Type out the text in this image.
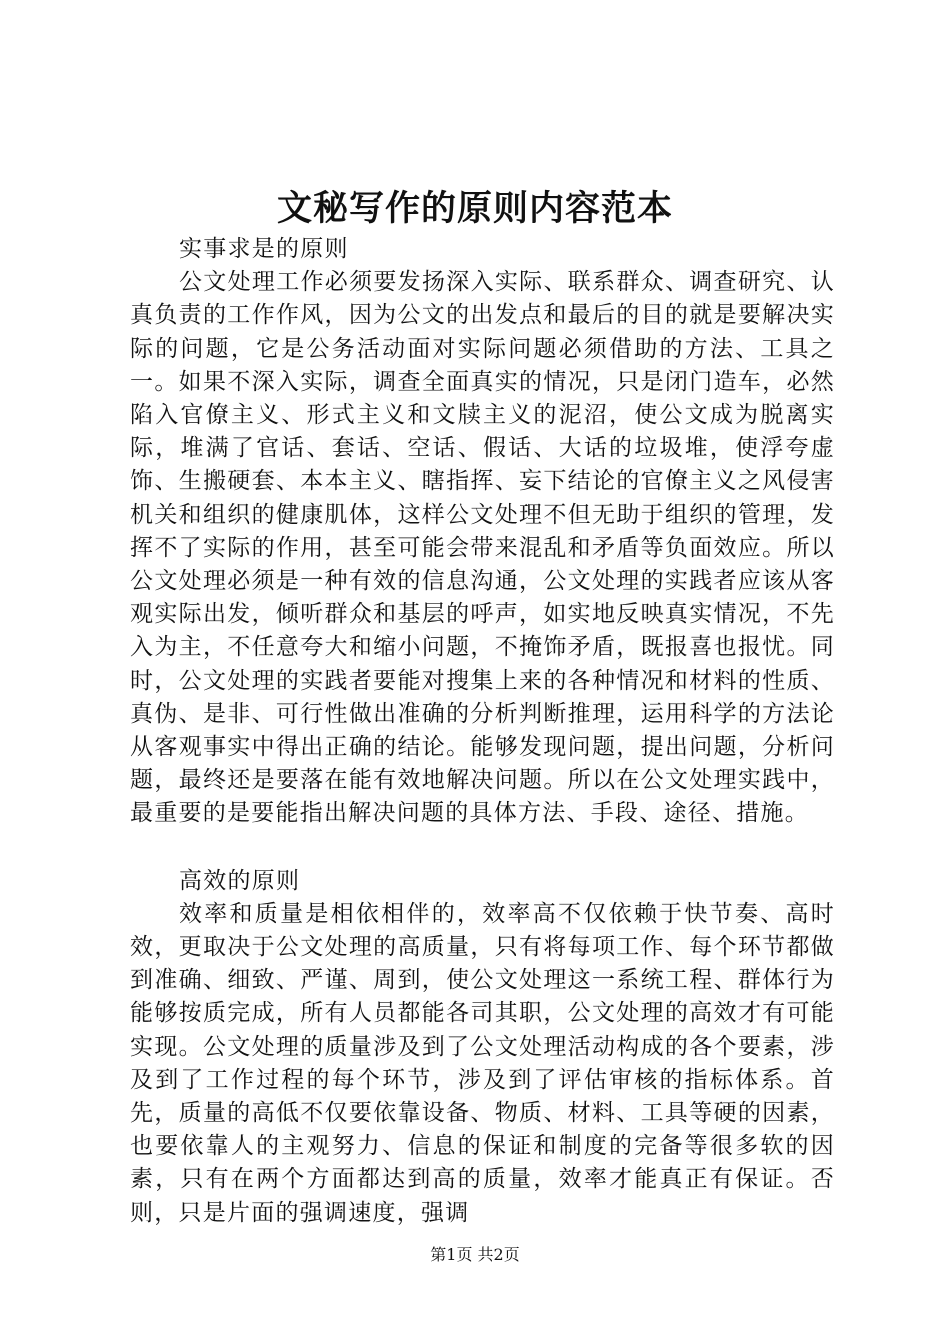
文秘写作的原则内容范本

实事求是的原则

公文处理工作必须要发扬深入实际、联系群众、调查研究、认真负责的工作作风，因为公文的出发点和最后的目的就是要解决实际的问题，它是公务活动面对实际问题必须借助的方法、工具之一。如果不深入实际，调查全面真实的情况，只是闭门造车，必然陷入官僚主义、形式主义和文牍主义的泥沼，使公文成为脱离实际，堆满了官话、套话、空话、假话、大话的垃圾堆，使浮夸虚饰、生搬硬套、本本主义、瞎指挥、妄下结论的官僚主义之风侵害机关和组织的健康肌体，这样公文处理不但无助于组织的管理，发挥不了实际的作用，甚至可能会带来混乱和矛盾等负面效应。所以公文处理必须是一种有效的信息沟通，公文处理的实践者应该从客观实际出发，倾听群众和基层的呼声，如实地反映真实情况，不先入为主，不任意夸大和缩小问题，不掩饰矛盾，既报喜也报忧。同时，公文处理的实践者要能对搜集上来的各种情况和材料的性质、真伪、是非、可行性做出准确的分析判断推理，运用科学的方法论从客观事实中得出正确的结论。能够发现问题，提出问题，分析问题，最终还是要落在能有效地解决问题。所以在公文处理实践中，最重要的是要能指出解决问题的具体方法、手段、途径、措施。

高效的原则

效率和质量是相依相伴的，效率高不仅依赖于快节奏、高时效，更取决于公文处理的高质量，只有将每项工作、每个环节都做到准确、细致、严谨、周到，使公文处理这一系统工程、群体行为能够按质完成，所有人员都能各司其职，公文处理的高效才有可能实现。公文处理的质量涉及到了公文处理活动构成的各个要素，涉及到了工作过程的每个环节，涉及到了评估审核的指标体系。首先，质量的高低不仅要依靠设备、物质、材料、工具等硬的因素，也要依靠人的主观努力、信息的保证和制度的完备等很多软的因素，只有在两个方面都达到高的质量，效率才能真正有保证。否则，只是片面的强调速度，强调

第1页 共2页
